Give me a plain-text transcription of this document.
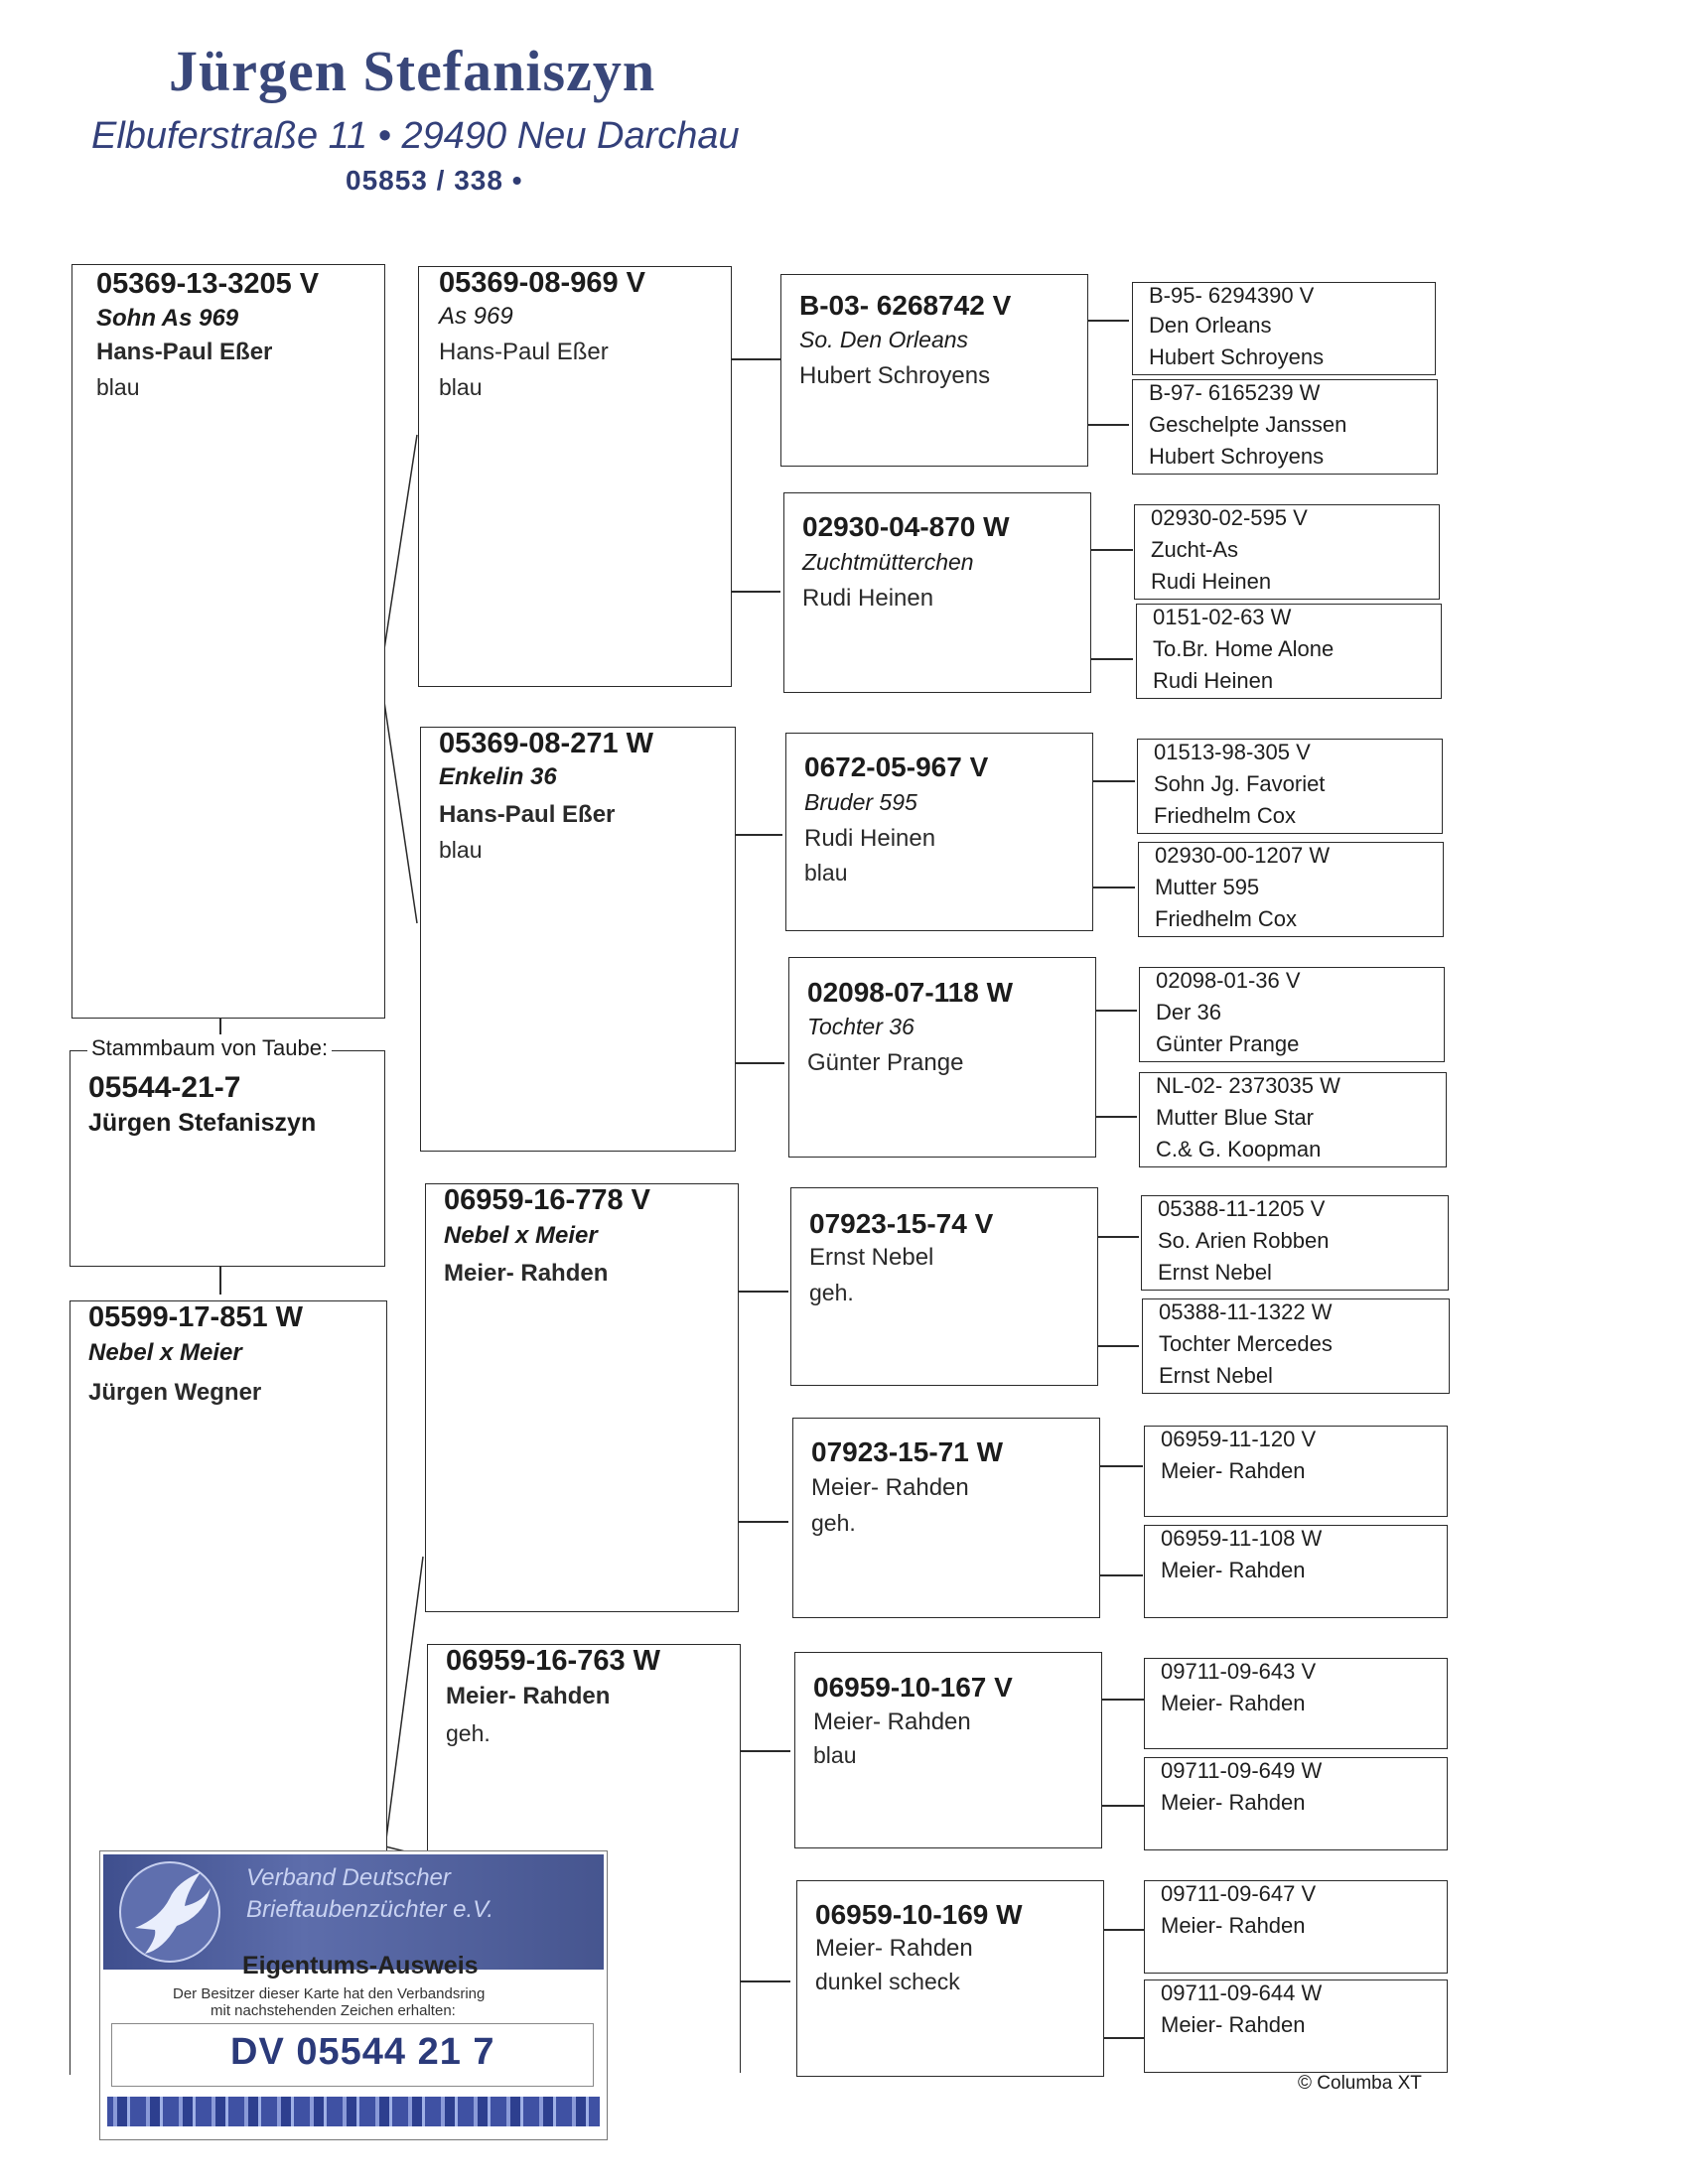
Jürgen Stefaniszyn
Elbuferstraße 11 • 29490 Neu Darchau
05853 / 338 •
05369-13-3205 V
Sohn As 969
Hans-Paul Eßer
blau
05544-21-7
Jürgen Stefaniszyn
Stammbaum von Taube:
05599-17-851 W
Nebel x Meier
Jürgen Wegner
05369-08-969 V
As 969
Hans-Paul Eßer
blau
05369-08-271 W
Enkelin 36
Hans-Paul Eßer
blau
06959-16-778 V
Nebel x Meier
Meier- Rahden
06959-16-763 W
Meier- Rahden
geh.
B-03- 6268742 V
So. Den Orleans
Hubert Schroyens
02930-04-870 W
Zuchtmütterchen
Rudi Heinen
0672-05-967 V
Bruder 595
Rudi Heinen
blau
02098-07-118 W
Tochter 36
Günter Prange
07923-15-74 V
Ernst Nebel
geh.
07923-15-71 W
Meier- Rahden
geh.
06959-10-167 V
Meier- Rahden
blau
06959-10-169 W
Meier- Rahden
dunkel scheck
B-95- 6294390 V
Den Orleans
Hubert Schroyens
B-97- 6165239 W
Geschelpte Janssen
Hubert Schroyens
02930-02-595 V
Zucht-As
Rudi Heinen
0151-02-63 W
To.Br. Home Alone
Rudi Heinen
01513-98-305 V
Sohn Jg. Favoriet
Friedhelm Cox
02930-00-1207 W
Mutter 595
Friedhelm Cox
02098-01-36 V
Der 36
Günter Prange
NL-02- 2373035 W
Mutter Blue Star
C.& G. Koopman
05388-11-1205 V
So. Arien Robben
Ernst Nebel
05388-11-1322 W
Tochter Mercedes
Ernst Nebel
06959-11-120 V
Meier- Rahden
06959-11-108 W
Meier- Rahden
09711-09-643 V
Meier- Rahden
09711-09-649 W
Meier- Rahden
09711-09-647 V
Meier- Rahden
09711-09-644 W
Meier- Rahden
© Columba XT
Verband Deutscher
Brieftaubenzüchter e.V.
Eigentums-Ausweis
Der Besitzer dieser Karte hat den Verbandsring
mit nachstehenden Zeichen erhalten:
DV 05544 21 7
